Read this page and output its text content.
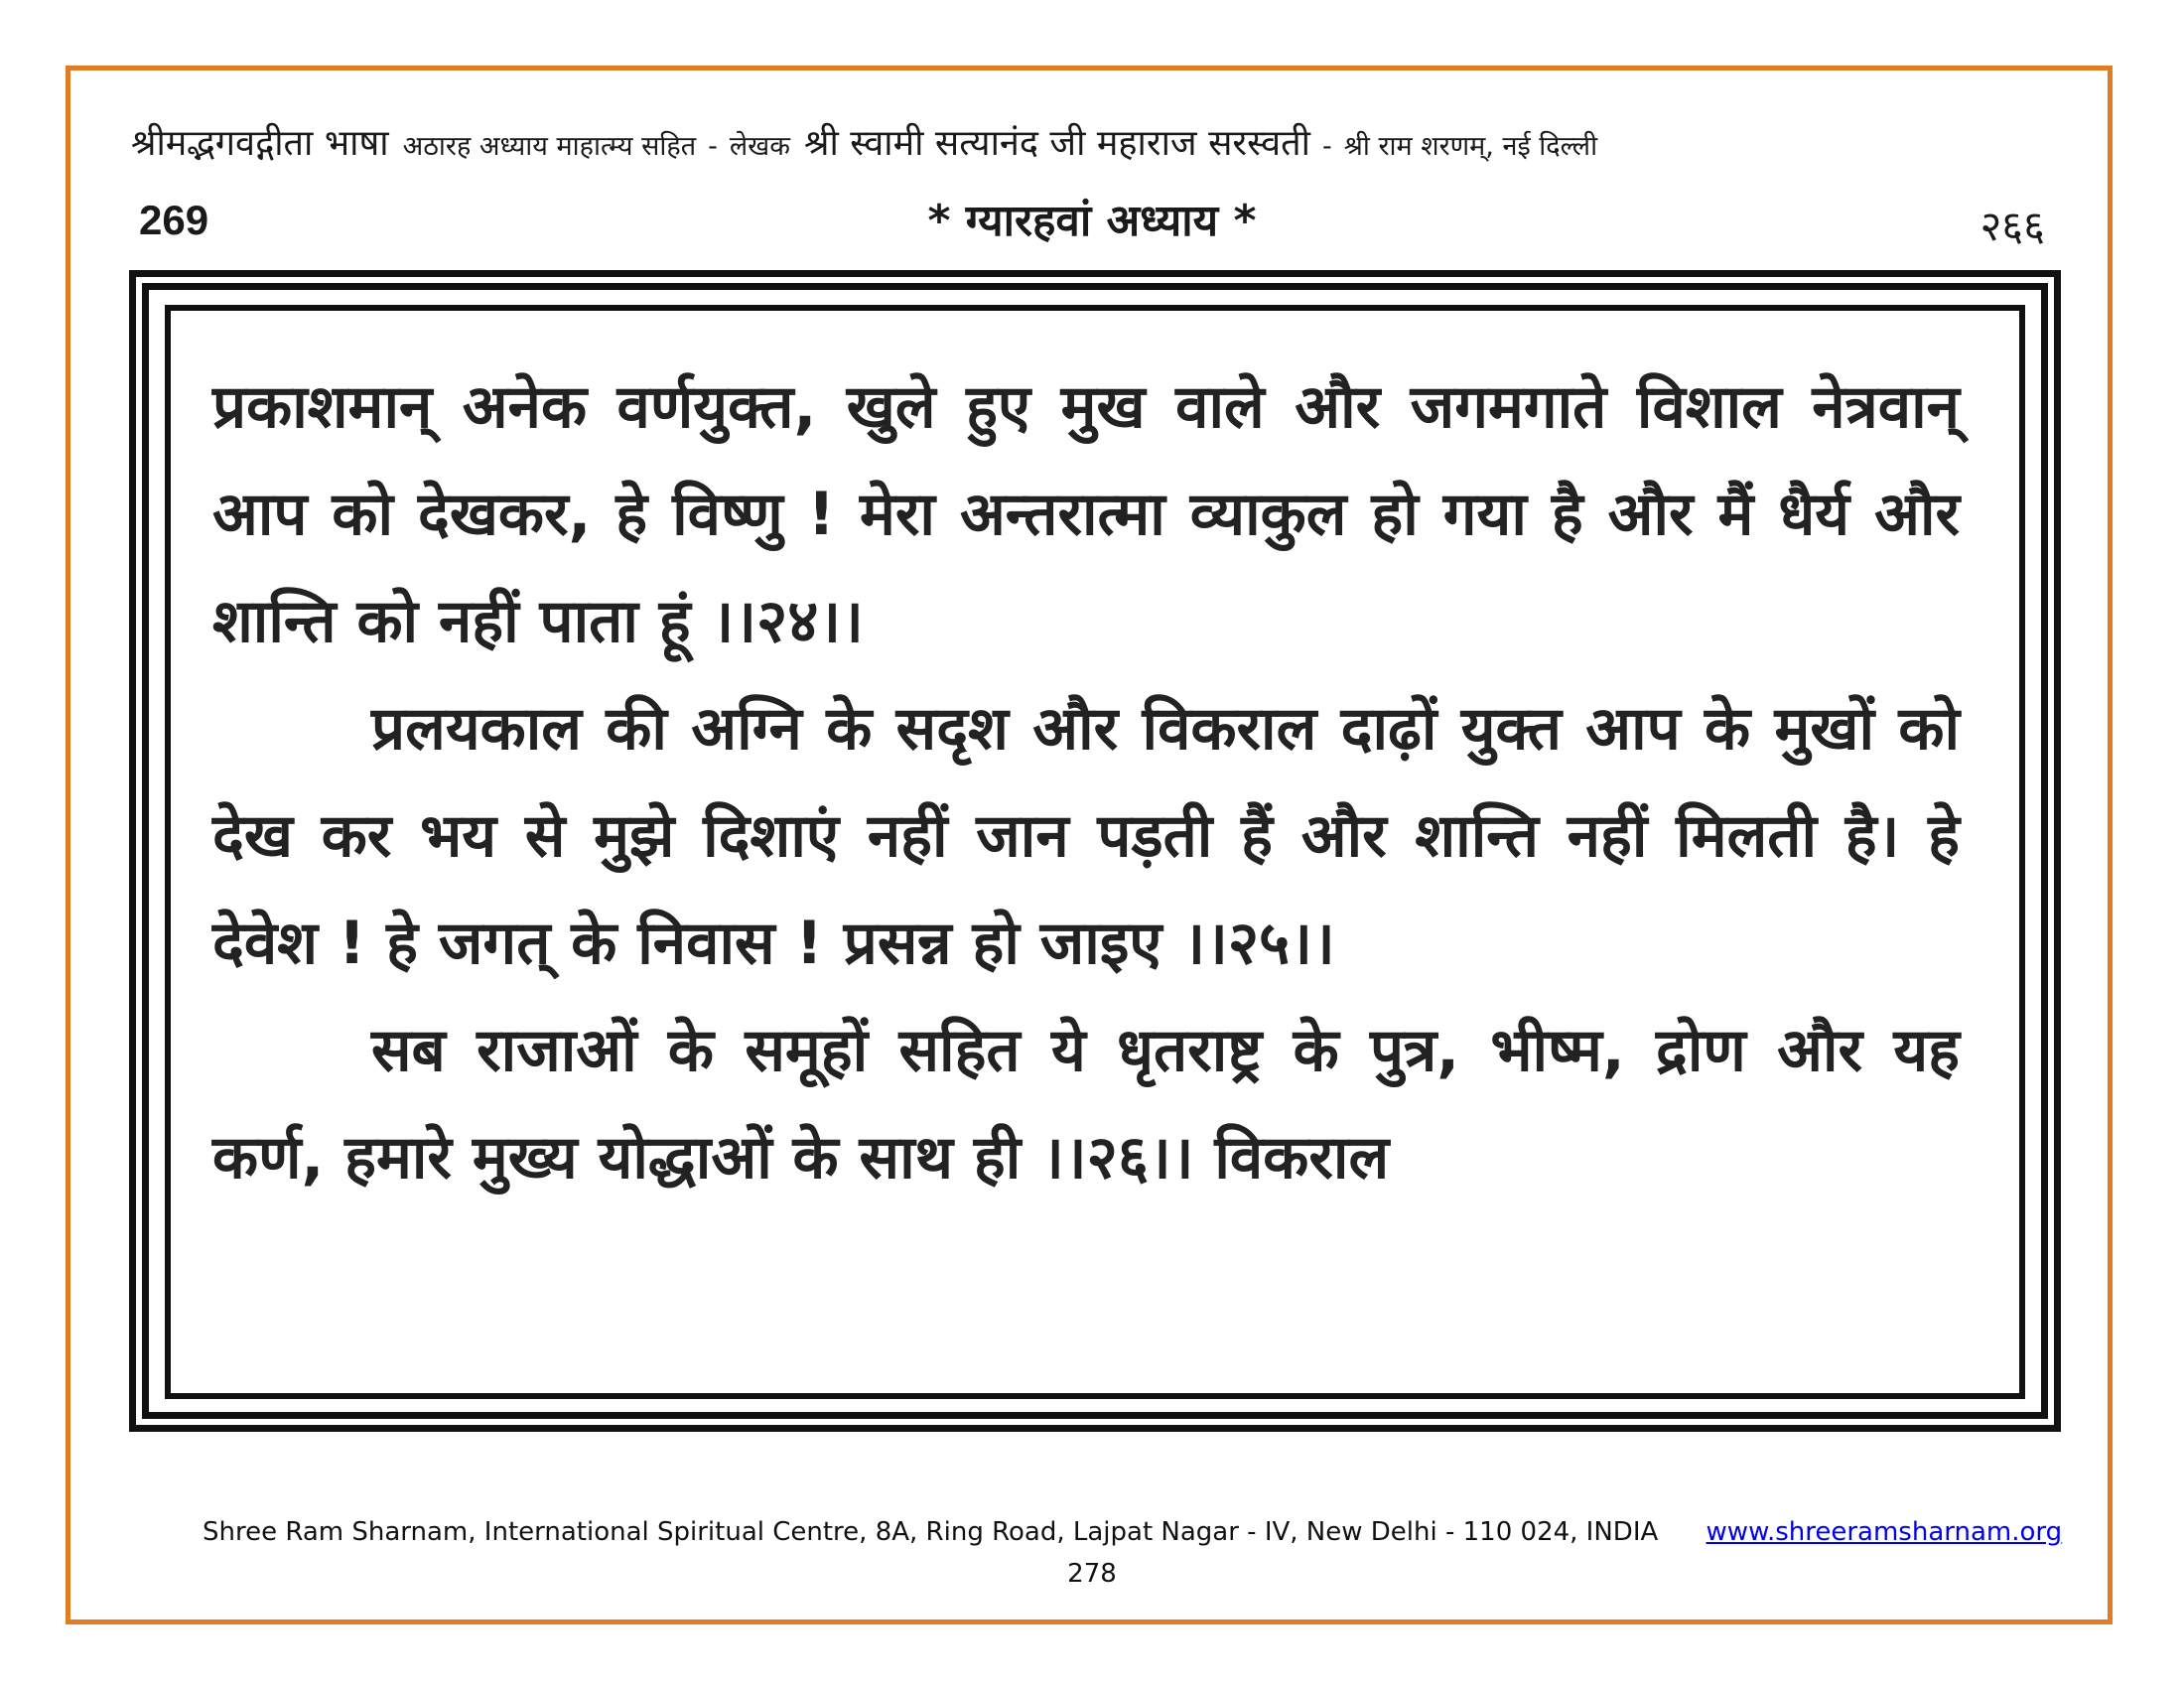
श्रीमद्भगवद्गीता भाषा अठारह अध्याय माहात्म्य सहित - लेखक श्री स्वामी सत्यानंद जी महाराज सरस्वती - श्री राम शरणम्, नई दिल्ली
269	* ग्यारहवां अध्याय *	२६६

प्रकाशमान् अनेक वर्णयुक्त, खुले हुए मुख वाले और जगमगाते विशाल नेत्रवान् आप को देखकर, हे विष्णु ! मेरा अन्तरात्मा व्याकुल हो गया है और मैं धैर्य और शान्ति को नहीं पाता हूं ।।२४।।

प्रलयकाल की अग्नि के सदृश और विकराल दाढ़ों युक्त आप के मुखों को देख कर भय से मुझे दिशाएं नहीं जान पड़ती हैं और शान्ति नहीं मिलती है। हे देवेश ! हे जगत् के निवास ! प्रसन्न हो जाइए ।।२५।।

सब राजाओं के समूहों सहित ये धृतराष्ट्र के पुत्र, भीष्म, द्रोण और यह कर्ण, हमारे मुख्य योद्धाओं के साथ ही ।।२६।। विकराल

Shree Ram Sharnam, International Spiritual Centre, 8A, Ring Road, Lajpat Nagar - IV, New Delhi - 110 024, INDIA www.shreeramsharnam.org
278
